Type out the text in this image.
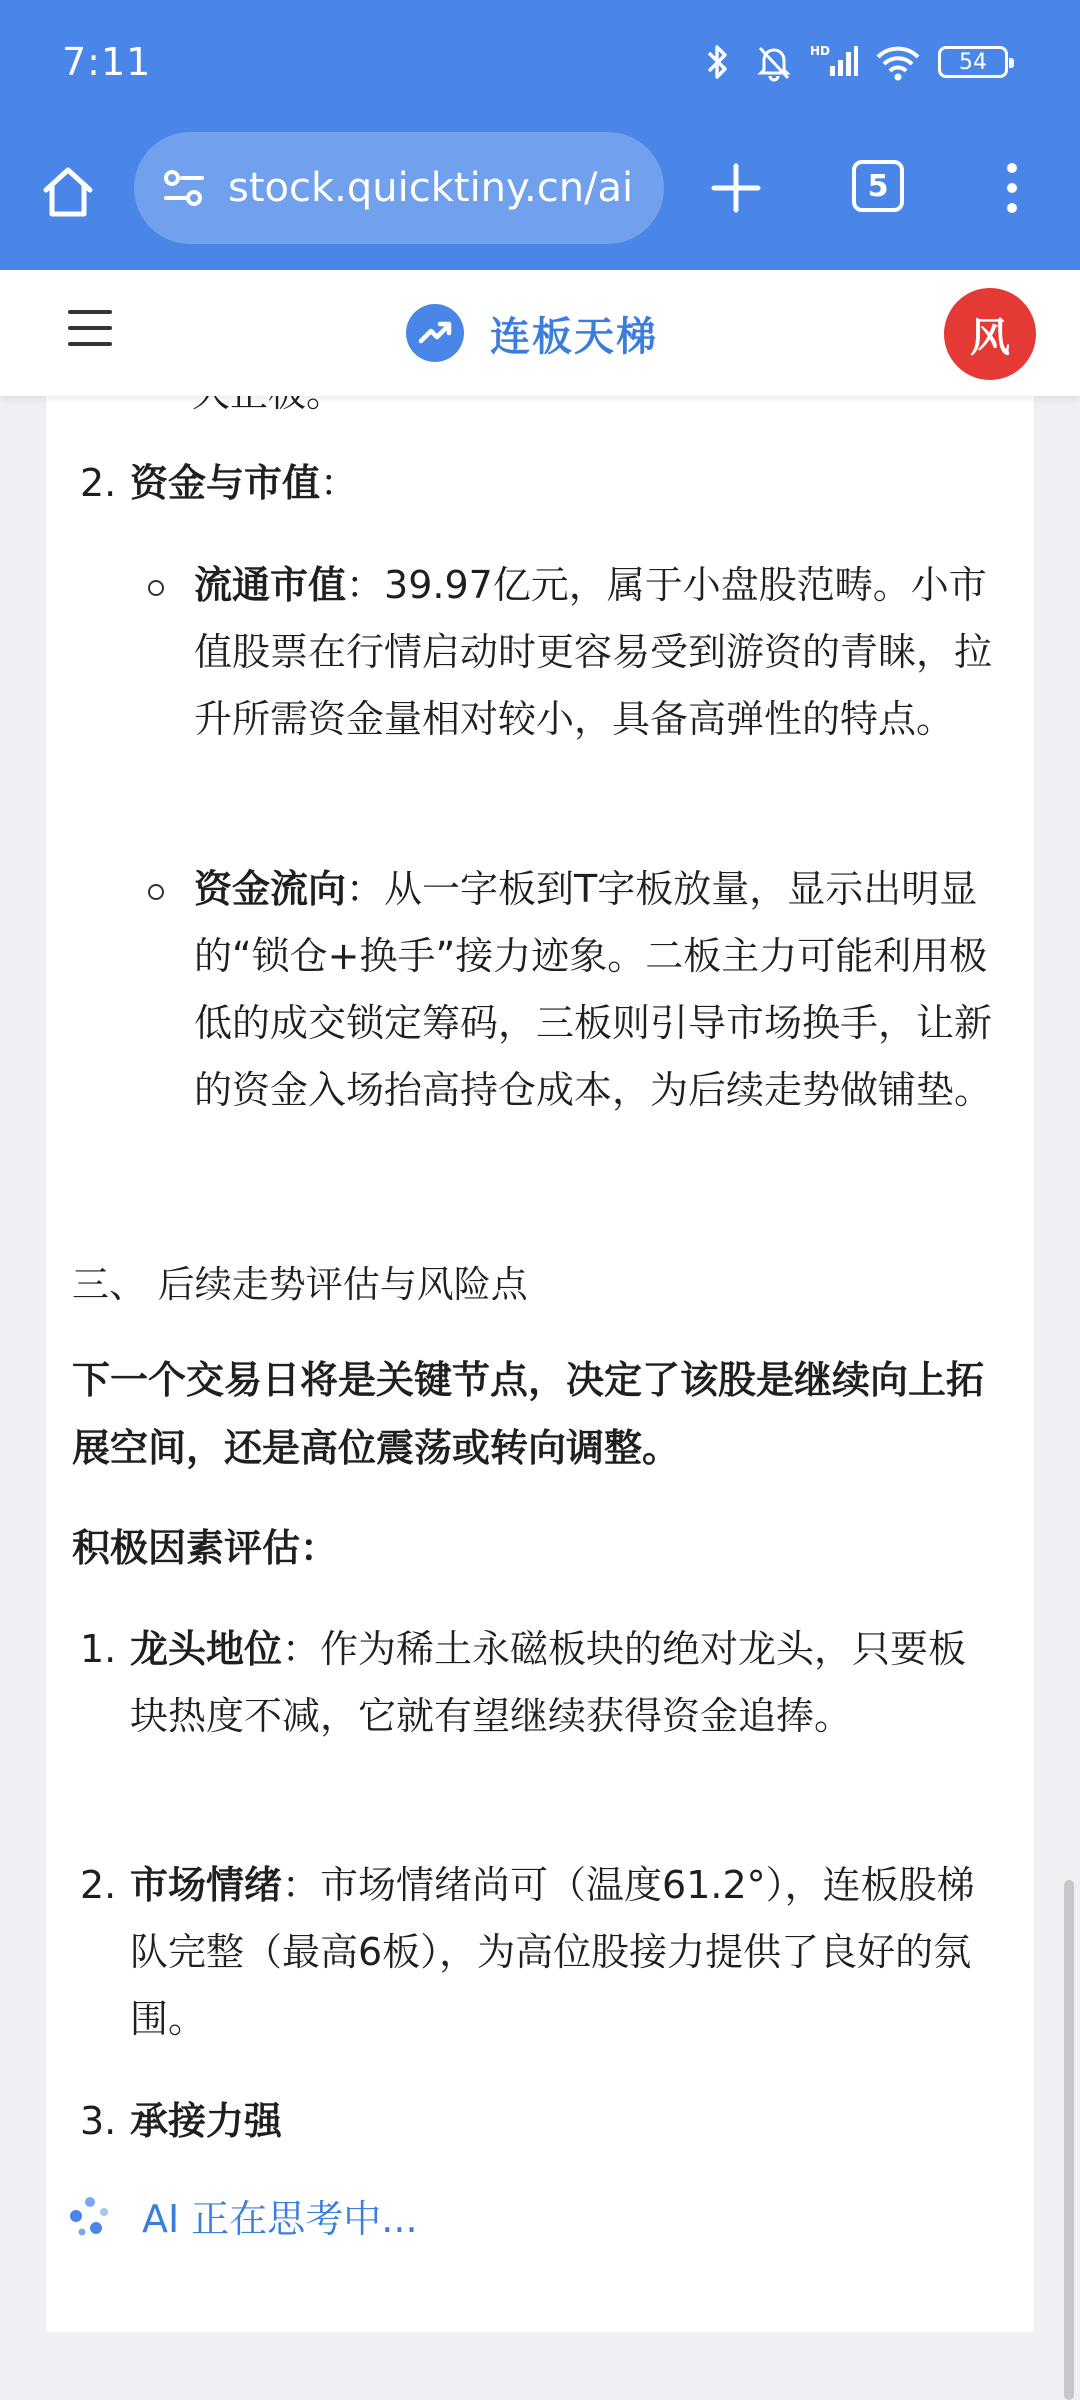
7:11	HD	54
stock.quicktiny.cn/ai	5
连板天梯	风
2. 资金与市值：
流通市值：39.97亿元，属于小盘股范畴。小市值股票在行情启动时更容易受到游资的青睐，拉升所需资金量相对较小，具备高弹性的特点。
资金流向：从一字板到T字板放量，显示出明显的“锁仓+换手”接力迹象。二板主力可能利用极低的成交锁定筹码，三板则引导市场换手，让新的资金入场抬高持仓成本，为后续走势做铺垫。
三、 后续走势评估与风险点
下一个交易日将是关键节点，决定了该股是继续向上拓展空间，还是高位震荡或转向调整。
积极因素评估：
1. 龙头地位：作为稀土永磁板块的绝对龙头，只要板块热度不减，它就有望继续获得资金追捧。
2. 市场情绪：市场情绪尚可（温度61.2°），连板股梯队完整（最高6板），为高位股接力提供了良好的氛围。
3. 承接力强
AI 正在思考中...
